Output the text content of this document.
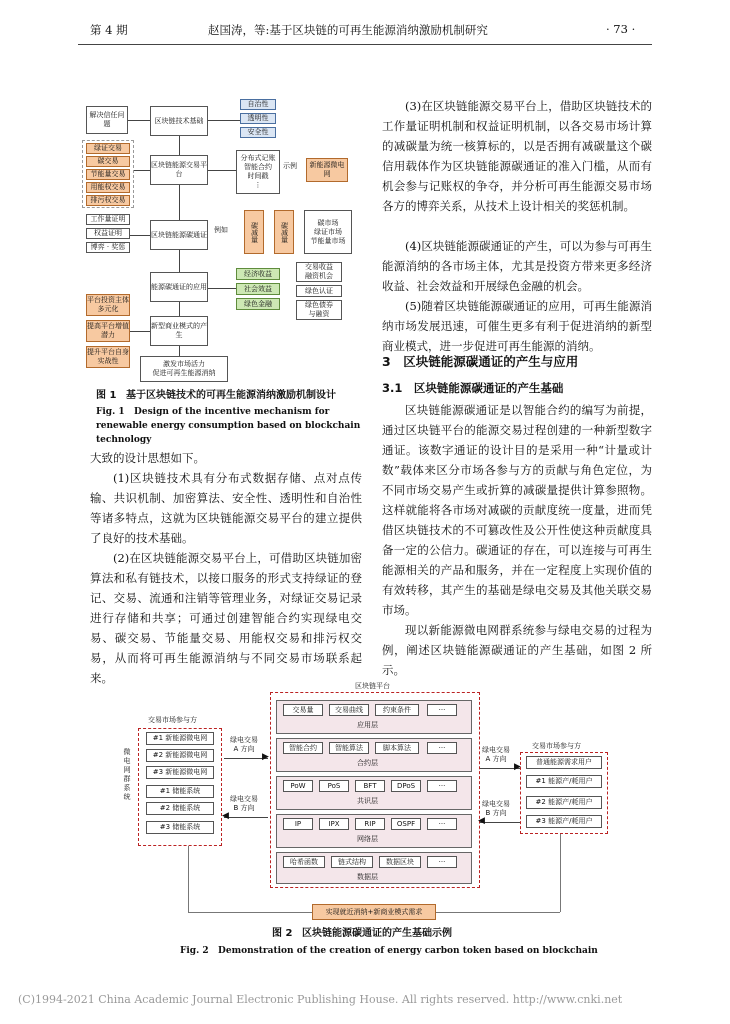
第 4 期	赵国涛，等:基于区块链的可再生能源消纳激励机制研究	· 73 ·
区块链技术基础
区块链能源交易平台
区块链能源碳通证
能源碳通证的应用
新型商业模式的产生
激发市场活力
促进可再生能源消纳
解决信任问题
绿证交易
碳交易
节能量交易
用能权交易
排污权交易
工作量证明
权益证明
博弈 · 奖惩
平台投资主体多元化
提高平台增值潜力
提升平台自身实战性
自治性
透明性
安全性
分布式记账
智能合约
时间戳
⋮
示例	新能源微电网
例如	碳减量	碳减量	碳市场
绿证市场
节能量市场
经济收益
社会效益
绿色金融
交易收益
融资机会
绿色认证
绿色债券
与融资
图 1 基于区块链技术的可再生能源消纳激励机制设计
Fig. 1 Design of the incentive mechanism for renewable energy consumption based on blockchain technology

大致的设计思想如下。

(1)区块链技术具有分布式数据存储、点对点传输、共识机制、加密算法、安全性、透明性和自治性等诸多特点，这就为区块链能源交易平台的建立提供了良好的技术基础。

(2)在区块链能源交易平台上，可借助区块链加密算法和私有链技术，以接口服务的形式支持绿证的登记、交易、流通和注销等管理业务，对绿证交易记录进行存储和共享；可通过创建智能合约实现绿电交易、碳交易、节能量交易、用能权交易和排污权交易，从而将可再生能源消纳与不同交易市场联系起来。

(3)在区块链能源交易平台上，借助区块链技术的工作量证明机制和权益证明机制，以各交易市场计算的减碳量为统一核算标的，以是否拥有减碳量这个碳信用载体作为区块链能源碳通证的准入门槛，从而有机会参与记账权的争夺，并分析可再生能源交易市场各方的博弈关系，从技术上设计相关的奖惩机制。

(4)区块链能源碳通证的产生，可以为参与可再生能源消纳的各市场主体，尤其是投资方带来更多经济收益、社会效益和开展绿色金融的机会。

(5)随着区块链能源碳通证的应用，可再生能源消纳市场发展迅速，可催生更多有利于促进消纳的新型商业模式，进一步促进可再生能源的消纳。

3　区块链能源碳通证的产生与应用

3.1　区块链能源碳通证的产生基础

区块链能源碳通证是以智能合约的编写为前提，通过区块链平台的能源交易过程创建的一种新型数字通证。该数字通证的设计目的是采用一种“计量或计数”载体来区分市场各参与方的贡献与角色定位，为不同市场交易产生或折算的减碳量提供计算参照物。这样就能将各市场对减碳的贡献度统一度量，进而凭借区块链技术的不可篡改性及公开性使这种贡献度具备一定的公信力。碳通证的存在，可以连接与可再生能源相关的产品和服务，并在一定程度上实现价值的有效转移，其产生的基础是绿电交易及其他关联交易市场。

现以新能源微电网群系统参与绿电交易的过程为例，阐述区块链能源碳通证的产生基础，如图 2 所示。

区块链平台
交易市场参与方
微电网群系统
#1 新能源微电网
#2 新能源微电网
#3 新能源微电网
#1 储能系统
#2 储能系统
#3 储能系统
绿电交易
A 方向
▶
绿电交易
B 方向
◀
交易量	交易曲线	约束条件	···
应用层
智能合约	智能算法	脚本算法	···
合约层
PoW	PoS	BFT	DPoS	···
共识层
IP	IPX	RIP	OSPF	···
网络层
哈希函数	链式结构	数据区块	···
数据层
绿电交易
A 方向
▶
绿电交易
B 方向
◀
交易市场参与方
普通能源需求用户
#1 能源产/耗用户
#2 能源产/耗用户
#3 能源产/耗用户
实现就近消纳+新商业模式需求
图 2 区块链能源碳通证的产生基础示例
Fig. 2 Demonstration of the creation of energy carbon token based on blockchain
(C)1994-2021 China Academic Journal Electronic Publishing House. All rights reserved. http://www.cnki.net
